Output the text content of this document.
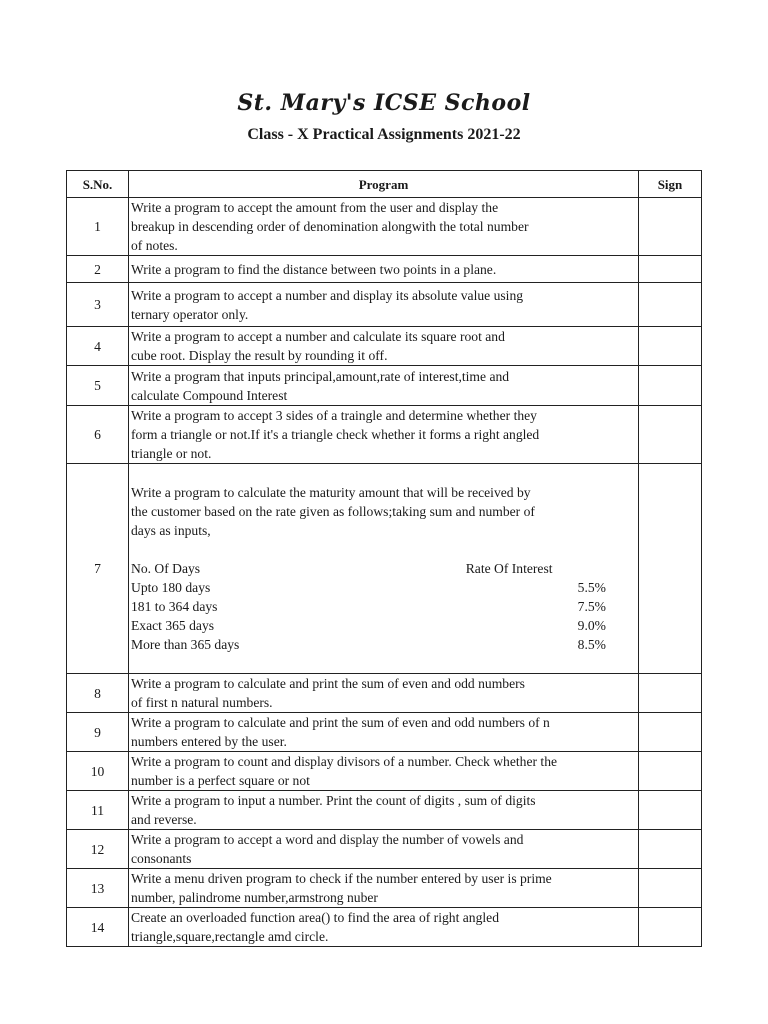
St. Mary's ICSE School
Class - X Practical Assignments 2021-22
S.No.	Program	Sign
1	Write a program to accept the amount from the user and display the
breakup in descending order of denomination alongwith the total number
of notes.	
2	Write a program to find the distance between two points in a plane.	
3	Write a program to accept a number and display its absolute value using
ternary operator only.	
4	Write a program to accept a number and calculate its square root and
cube root. Display the result by rounding it off.	
5	Write a program that inputs principal,amount,rate of interest,time and
calculate Compound Interest	
6	Write a program to accept 3 sides of a traingle and determine whether they
form a triangle or not.If it's a triangle check whether it forms a right angled
triangle or not.	
7	

Write a program to calculate the maturity amount that will be received by
the customer based on the rate given as follows;taking sum and number of
days as inputs,

No. Of Days	Rate Of Interest
Upto 180 days	5.5%
181 to 364 days	7.5%
Exact 365 days	9.0%
More than 365 days	8.5%

8	Write a program to calculate and print the sum of even and odd numbers
of first n natural numbers.	
9	Write a program to calculate and print the sum of even and odd numbers of n
numbers entered by the user.	
10	Write a program to count and display divisors of a number. Check whether the
number is a perfect square or not	
11	Write a program to input a number. Print the count of digits , sum of digits
and reverse.	
12	Write a program to accept a word and display the number of vowels and
consonants	
13	Write a menu driven program to check if the number entered by user is prime
number, palindrome number,armstrong nuber	
14	Create an overloaded function area() to find the area of right angled
triangle,square,rectangle amd circle.	
